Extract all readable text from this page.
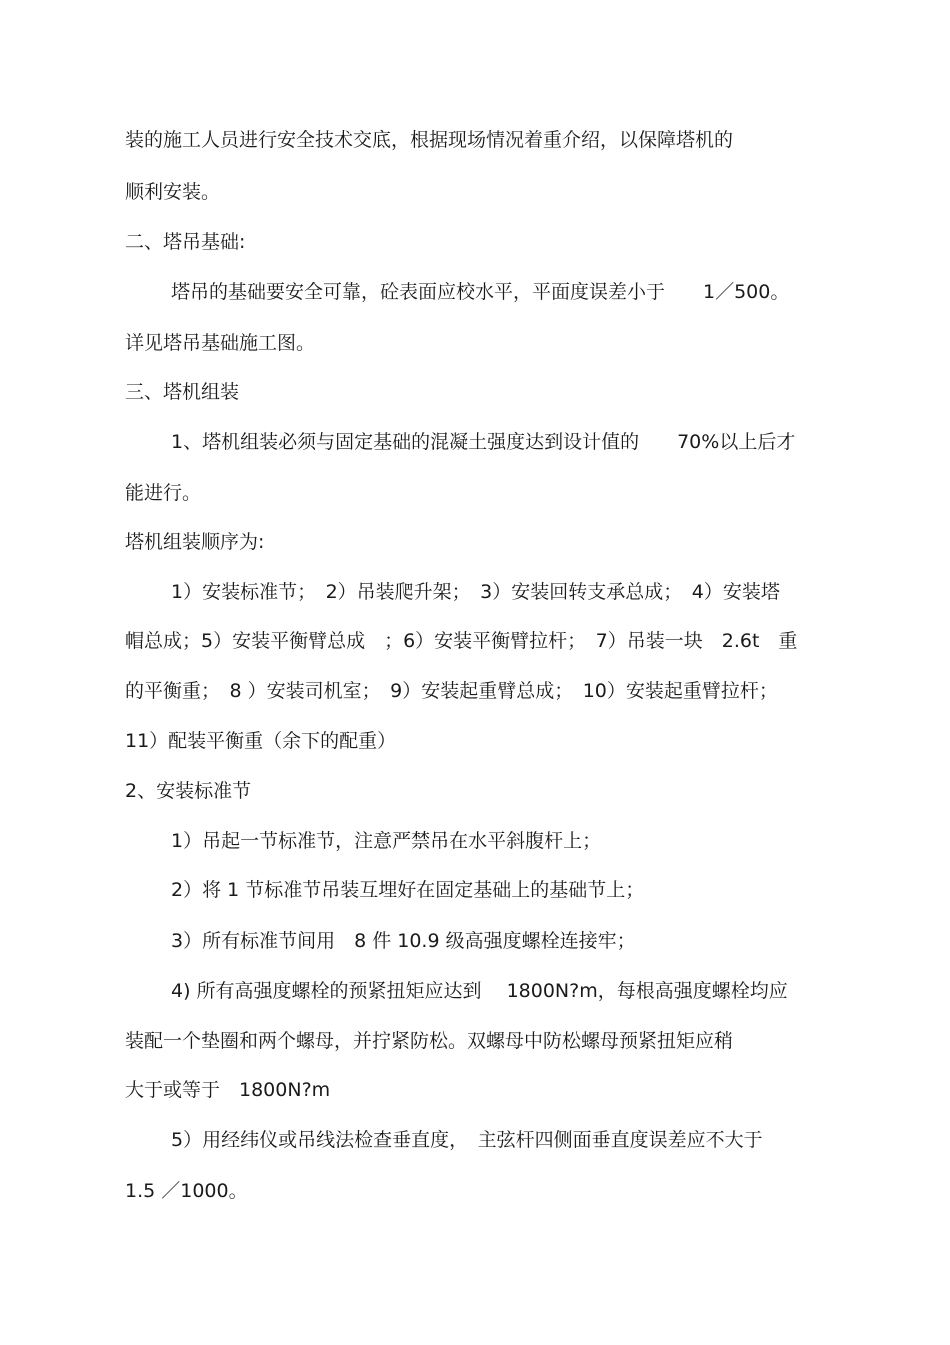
装的施工人员进行安全技术交底，根据现场情况着重介绍，以保障塔机的
顺利安装。
二、塔吊基础:
塔吊的基础要安全可靠，砼表面应校水平，平面度误差小于　　1／500。
详见塔吊基础施工图。
三、塔机组装
1、塔机组装必须与固定基础的混凝土强度达到设计值的　　70%以上后才
能进行。
塔机组装顺序为:
1）安装标准节；　2）吊装爬升架；　3）安装回转支承总成；　4）安装塔
帽总成；5）安装平衡臂总成　；6）安装平衡臂拉杆；　7）吊装一块　2.6t　重
的平衡重；　8 ）安装司机室；　9）安装起重臂总成；　10）安装起重臂拉杆；
11）配装平衡重（余下的配重）
2、安装标准节
1）吊起一节标准节，注意严禁吊在水平斜腹杆上；
2）将 1 节标准节吊装互埋好在固定基础上的基础节上；
3）所有标准节间用　8 件 10.9 级高强度螺栓连接牢；
4) 所有高强度螺栓的预紧扭矩应达到　 1800N?m，每根高强度螺栓均应
装配一个垫圈和两个螺母，并拧紧防松。双螺母中防松螺母预紧扭矩应稍
大于或等于　1800N?m
5）用经纬仪或吊线法检查垂直度，　主弦杆四侧面垂直度误差应不大于
1.5 ／1000。
